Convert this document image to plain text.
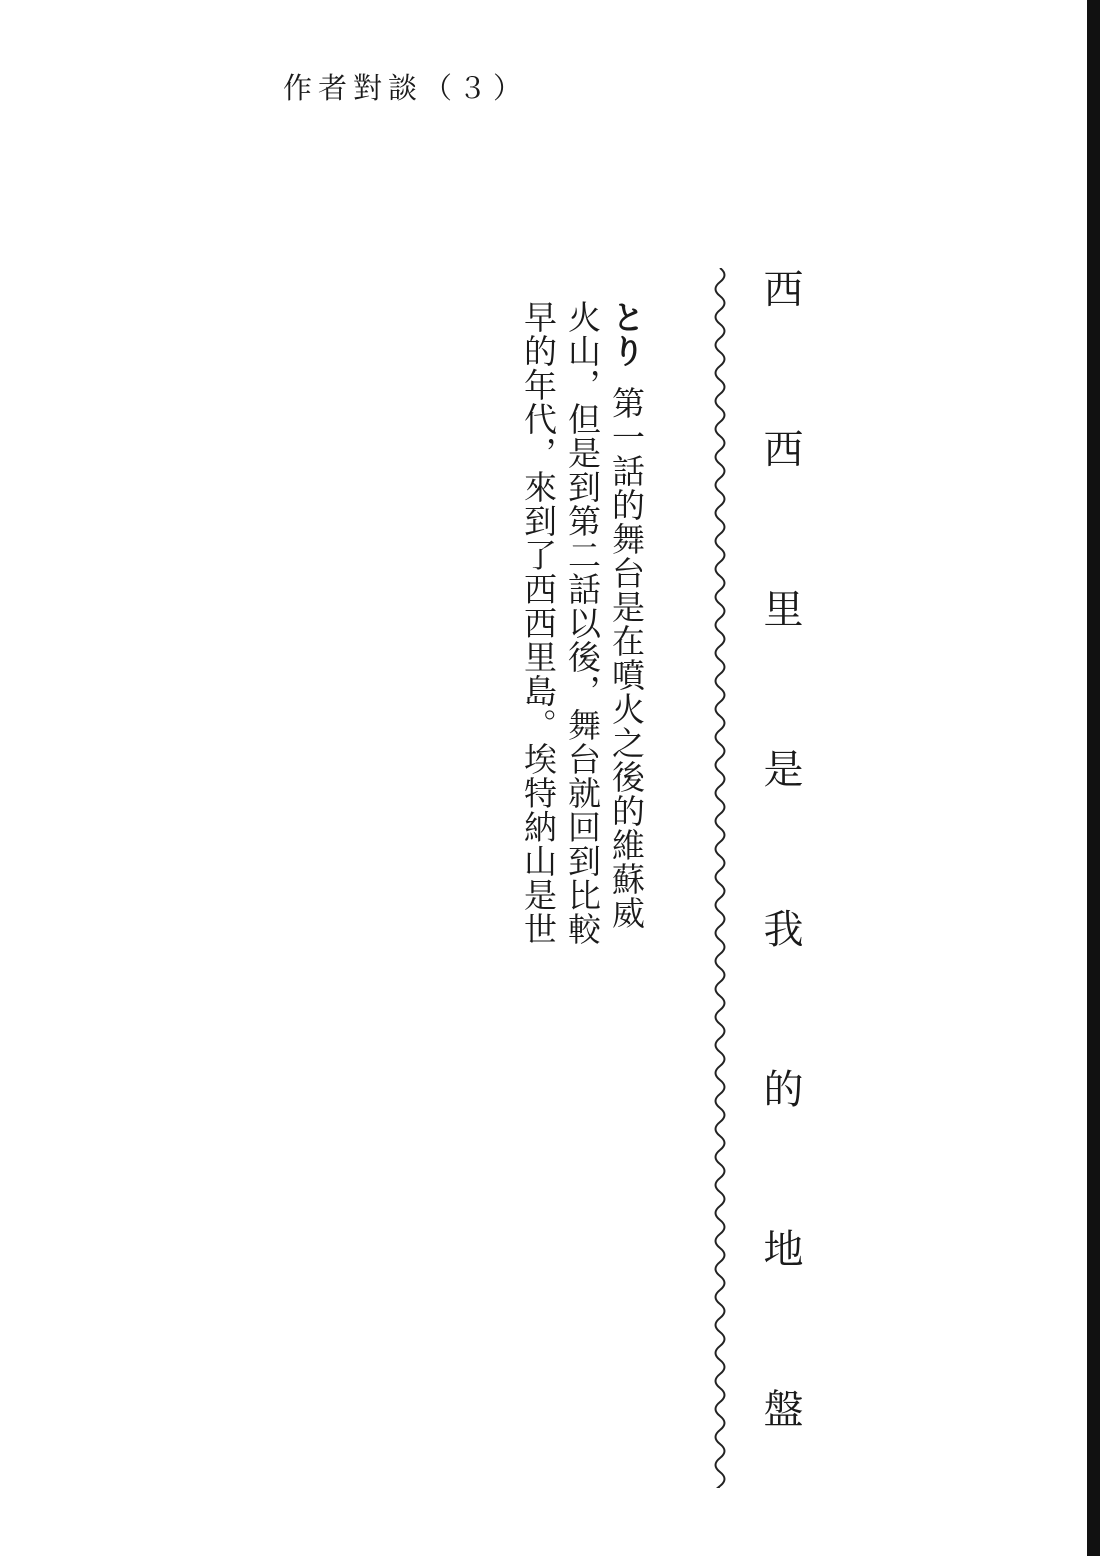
作者對談（３）
西西里是我的地盤
とり第一話的舞台是在噴火之後的維蘇威
火山，但是到第二話以後，舞台就回到比較
早的年代，來到了西西里島。埃特納山是世
